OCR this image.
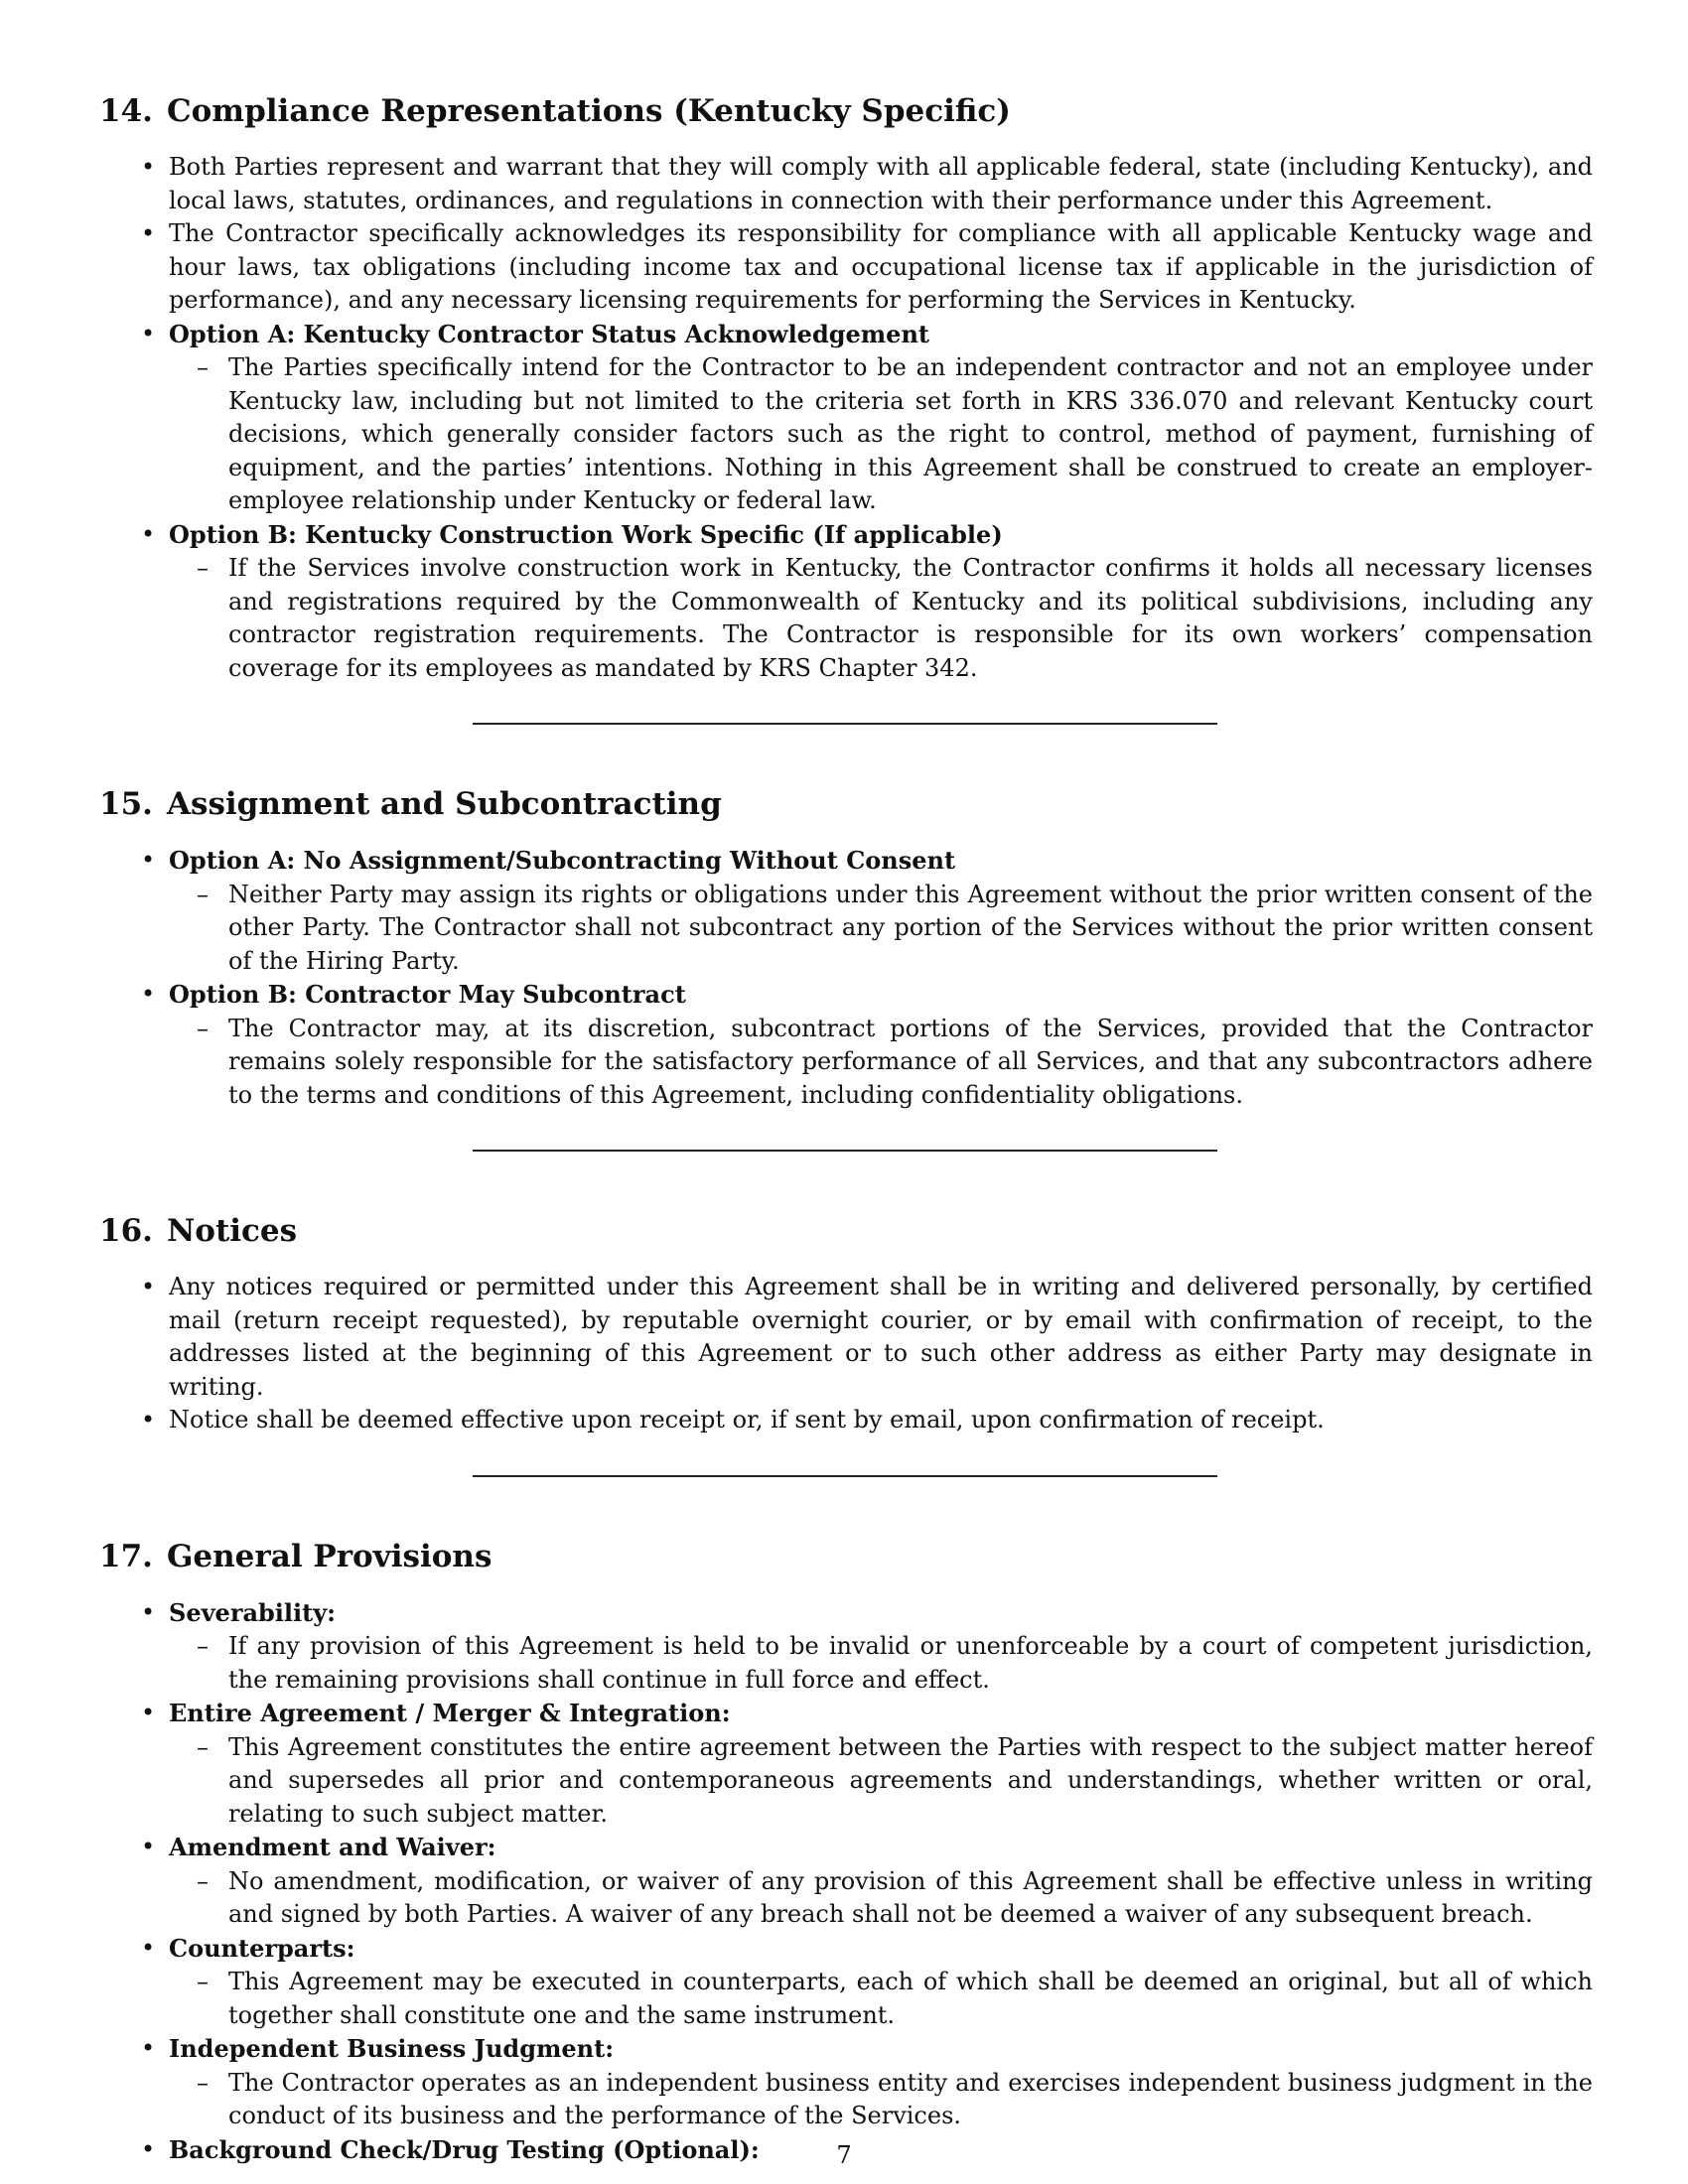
14. Compliance Representations (Kentucky Specific)
• Both Parties represent and warrant that they will comply with all applicable federal, state (including Kentucky), and local laws, statutes, ordinances, and regulations in connection with their performance under this Agreement.
• The Contractor specifically acknowledges its responsibility for compliance with all applicable Kentucky wage and hour laws, tax obligations (including income tax and occupational license tax if applicable in the jurisdiction of performance), and any necessary licensing requirements for performing the Services in Kentucky.
• Option A: Kentucky Contractor Status Acknowledgement
– The Parties specifically intend for the Contractor to be an independent contractor and not an employee under Kentucky law, including but not limited to the criteria set forth in KRS 336.070 and relevant Kentucky court decisions, which generally consider factors such as the right to control, method of payment, furnishing of equipment, and the parties’ intentions. Nothing in this Agreement shall be construed to create an employer-employee relationship under Kentucky or federal law.
• Option B: Kentucky Construction Work Specific (If applicable)
– If the Services involve construction work in Kentucky, the Contractor confirms it holds all necessary licenses and registrations required by the Commonwealth of Kentucky and its political subdivisions, including any contractor registration requirements. The Contractor is responsible for its own workers’ compensation coverage for its employees as mandated by KRS Chapter 342.
15. Assignment and Subcontracting
• Option A: No Assignment/Subcontracting Without Consent
– Neither Party may assign its rights or obligations under this Agreement without the prior written consent of the other Party. The Contractor shall not subcontract any portion of the Services without the prior written consent of the Hiring Party.
• Option B: Contractor May Subcontract
– The Contractor may, at its discretion, subcontract portions of the Services, provided that the Contractor remains solely responsible for the satisfactory performance of all Services, and that any subcontractors adhere to the terms and conditions of this Agreement, including confidentiality obligations.
16. Notices
• Any notices required or permitted under this Agreement shall be in writing and delivered personally, by certified mail (return receipt requested), by reputable overnight courier, or by email with confirmation of receipt, to the addresses listed at the beginning of this Agreement or to such other address as either Party may designate in writing.
• Notice shall be deemed effective upon receipt or, if sent by email, upon confirmation of receipt.
17. General Provisions
• Severability:
– If any provision of this Agreement is held to be invalid or unenforceable by a court of competent jurisdiction, the remaining provisions shall continue in full force and effect.
• Entire Agreement / Merger & Integration:
– This Agreement constitutes the entire agreement between the Parties with respect to the subject matter hereof and supersedes all prior and contemporaneous agreements and understandings, whether written or oral, relating to such subject matter.
• Amendment and Waiver:
– No amendment, modification, or waiver of any provision of this Agreement shall be effective unless in writing and signed by both Parties. A waiver of any breach shall not be deemed a waiver of any subsequent breach.
• Counterparts:
– This Agreement may be executed in counterparts, each of which shall be deemed an original, but all of which together shall constitute one and the same instrument.
• Independent Business Judgment:
– The Contractor operates as an independent business entity and exercises independent business judgment in the conduct of its business and the performance of the Services.
• Background Check/Drug Testing (Optional):	7
